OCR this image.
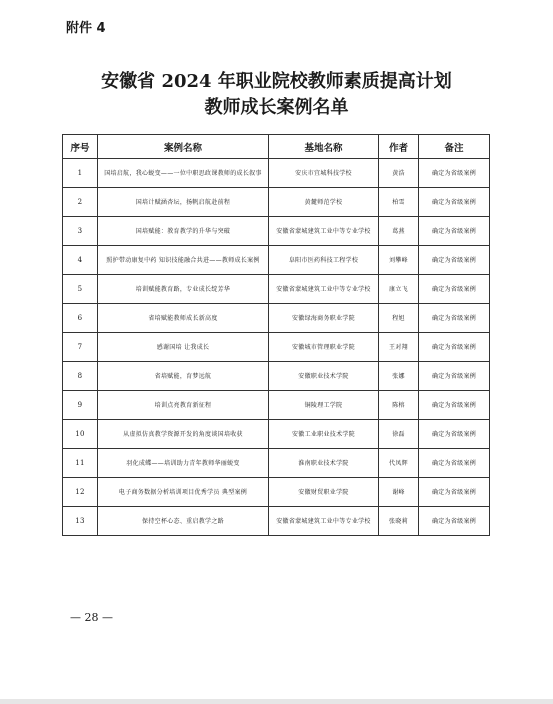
附件 4
安徽省 2024 年职业院校教师素质提高计划
教师成长案例名单
序号	案例名称	基地名称	作者	备注
1	国培启航，我心蜕变——一位中职思政课教师的成长叙事	安庆市宜城科技学校	黄浩	确定为省级案例
2	国培计赋涵杏坛，扬帆启航赴前程	黄麓师范学校	柏雪	确定为省级案例
3	国培赋能：教育教学的升华与突破	安徽省蒙城建筑工业中等专业学校	葛燕	确定为省级案例
4	照护带动康复中药 知识技能融合共进——教师成长案例	阜阳市医药科技工程学校	刘攀峰	确定为省级案例
5	培训赋能教育路，专业成长绽芳华	安徽省蒙城建筑工业中等专业学校	康立飞	确定为省级案例
6	省培赋能教师成长新高度	安徽绿海商务职业学院	程旭	确定为省级案例
7	感谢国培 让我成长	安徽城市管理职业学院	王对翔	确定为省级案例
8	省培赋能，育梦远航	安徽职业技术学院	张娜	确定为省级案例
9	培训点亮教育新征程	铜陵理工学院	陈榕	确定为省级案例
10	从虚拟仿真教学资源开发的角度谈国培收获	安徽工业职业技术学院	徐磊	确定为省级案例
11	羽化成蝶——培训助力青年教师华丽蜕变	淮南职业技术学院	代凤辉	确定为省级案例
12	电子商务数据分析培训项目优秀学员 典型案例	安徽财贸职业学院	谢峰	确定为省级案例
13	保持空杯心态、重启教学之路	安徽省蒙城建筑工业中等专业学校	张晓莉	确定为省级案例
— 28 —
